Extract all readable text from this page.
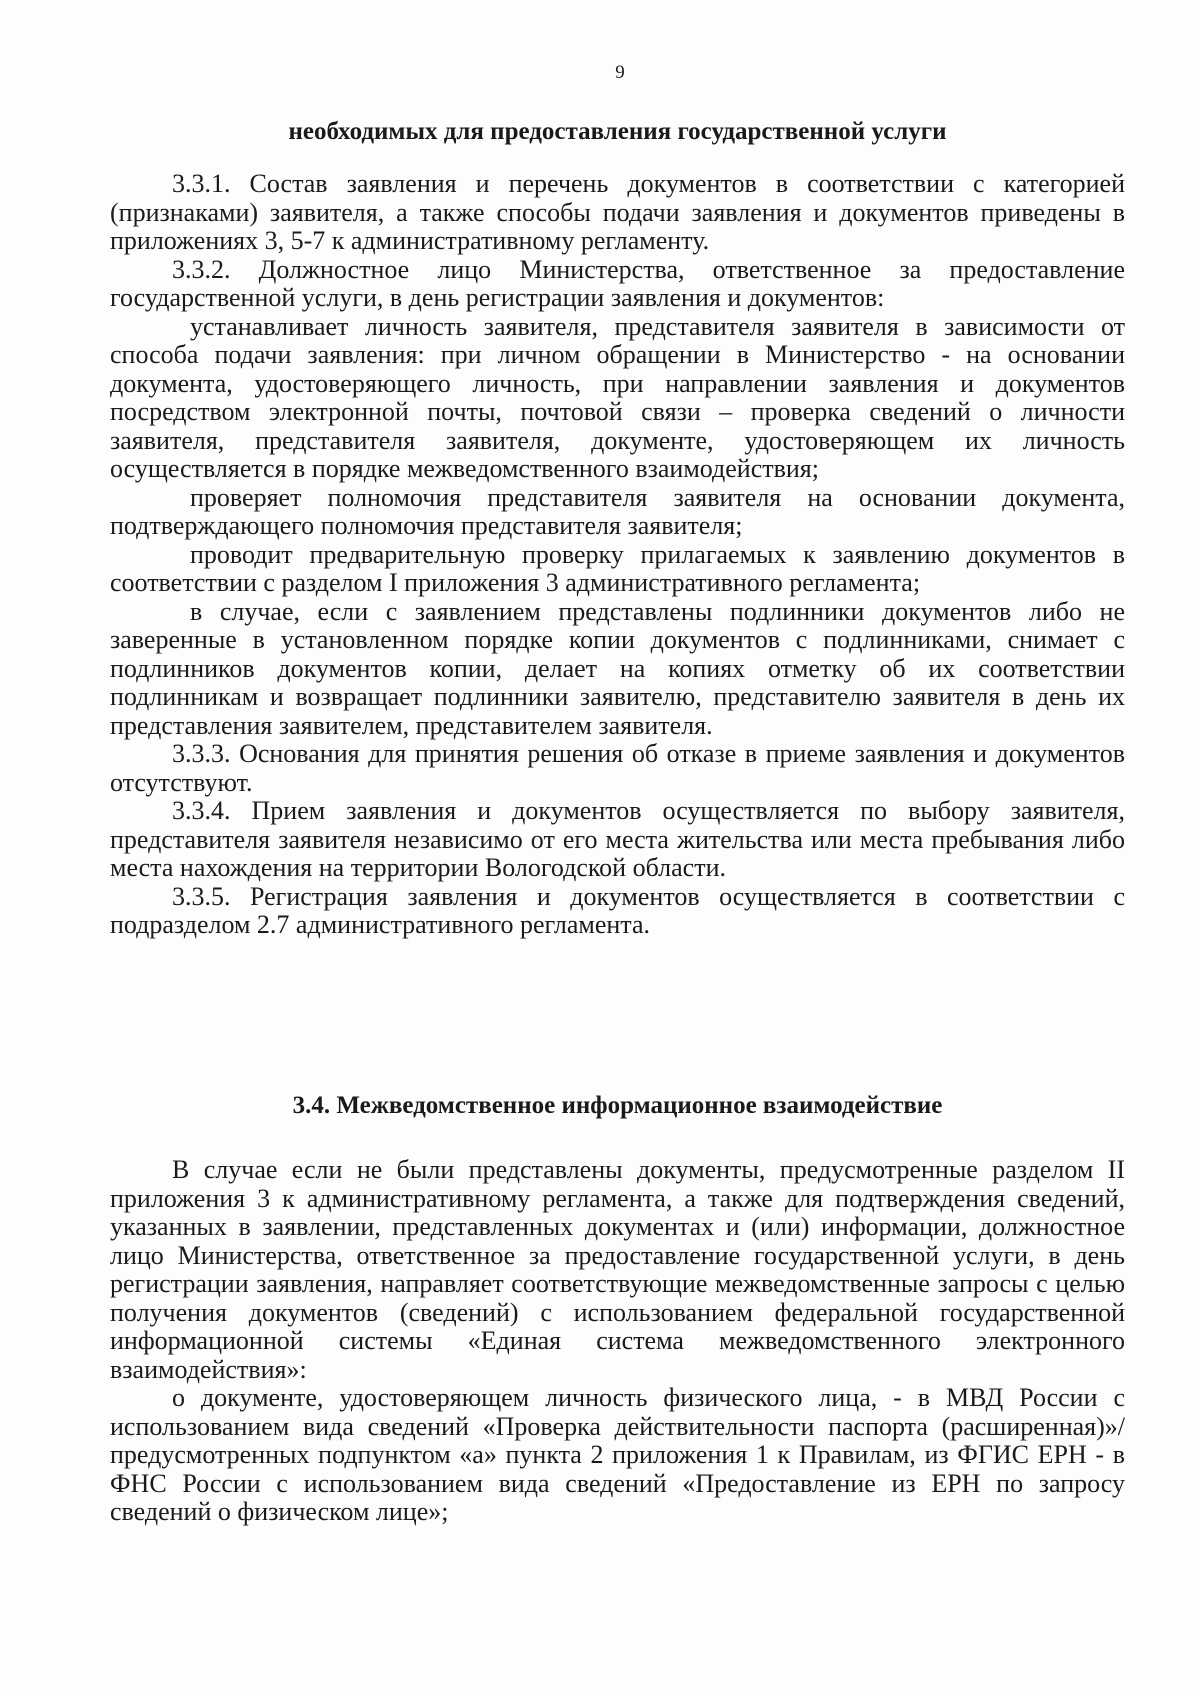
9
необходимых для предоставления государственной услуги

3.3.1. Состав заявления и перечень документов в соответствии с категорией (признаками) заявителя, а также способы подачи заявления и документов приведены в приложениях 3, 5-7 к административному регламенту.

3.3.2. Должностное лицо Министерства, ответственное за предоставление государственной услуги, в день регистрации заявления и документов:

устанавливает личность заявителя, представителя заявителя в зависимости от способа подачи заявления: при личном обращении в Министерство - на основании документа, удостоверяющего личность, при направлении заявления и документов посредством электронной почты, почтовой связи – проверка сведений о личности заявителя, представителя заявителя, документе, удостоверяющем их личность осуществляется в порядке межведомственного взаимодействия;

проверяет полномочия представителя заявителя на основании документа, подтверждающего полномочия представителя заявителя;

проводит предварительную проверку прилагаемых к заявлению документов в соответствии с разделом I приложения 3 административного регламента;

в случае, если с заявлением представлены подлинники документов либо не заверенные в установленном порядке копии документов с подлинниками, снимает с подлинников документов копии, делает на копиях отметку об их соответствии подлинникам и возвращает подлинники заявителю, представителю заявителя в день их представления заявителем, представителем заявителя.

3.3.3. Основания для принятия решения об отказе в приеме заявления и документов отсутствуют.

3.3.4. Прием заявления и документов осуществляется по выбору заявителя, представителя заявителя независимо от его места жительства или места пребывания либо места нахождения на территории Вологодской области.

3.3.5. Регистрация заявления и документов осуществляется в соответствии с подразделом 2.7 административного регламента.

3.4. Межведомственное информационное взаимодействие

В случае если не были представлены документы, предусмотренные разделом II приложения 3 к административному регламента, а также для подтверждения сведений, указанных в заявлении, представленных документах и (или) информации, должностное лицо Министерства, ответственное за предоставление государственной услуги, в день регистрации заявления, направляет соответствующие межведомственные запросы с целью получения документов (сведений) с использованием федеральной государственной информационной системы «Единая система межведомственного электронного взаимодействия»:

о документе, удостоверяющем личность физического лица, - в МВД России с использованием вида сведений «Проверка действительности паспорта (расширенная)»/предусмотренных подпунктом «а» пункта 2 приложения 1 к Правилам, из ФГИС ЕРН - в ФНС России с использованием вида сведений «Предоставление из ЕРН по запросу сведений о физическом лице»;
